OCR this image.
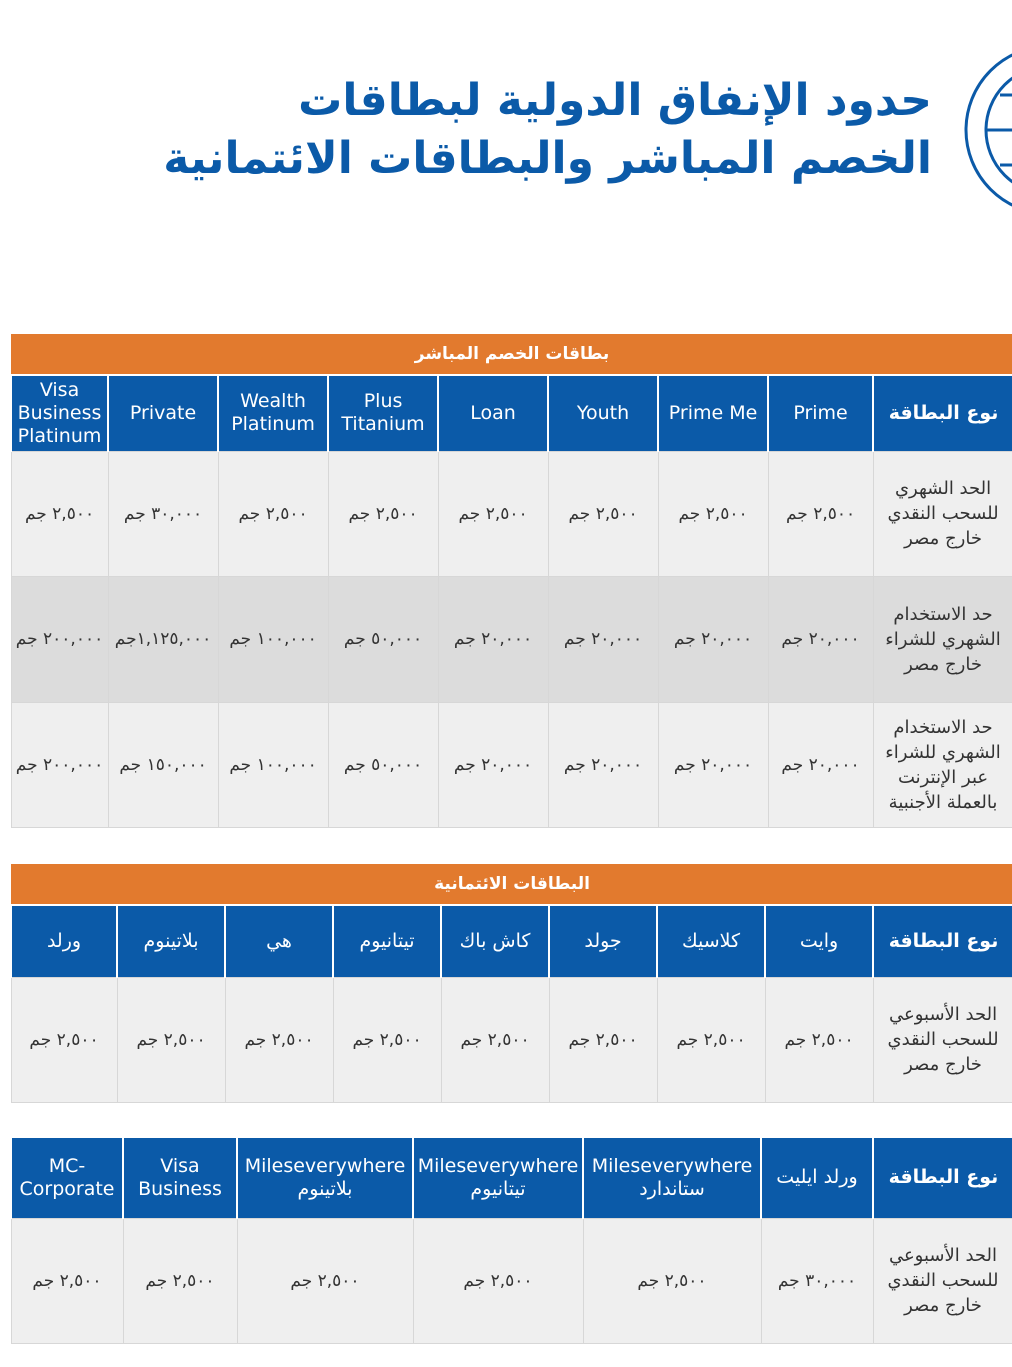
حدود الإنفاق الدولية لبطاقات
الخصم المباشر والبطاقات الائتمانية
بطاقات الخصم المباشر								
نوع البطاقة	Prime	Prime Me	Youth	Loan	Plus Titanium	Wealth Platinum	Private	Visa Business Platinum
الحد الشهري للسحب النقدي خارج مصر	٢,٥٠٠ جم	٢,٥٠٠ جم	٢,٥٠٠ جم	٢,٥٠٠ جم	٢,٥٠٠ جم	٢,٥٠٠ جم	٣٠,٠٠٠ جم	٢,٥٠٠ جم
حد الاستخدام الشهري للشراء خارج مصر	٢٠,٠٠٠ جم	٢٠,٠٠٠ جم	٢٠,٠٠٠ جم	٢٠,٠٠٠ جم	٥٠,٠٠٠ جم	١٠٠,٠٠٠ جم	١,١٢٥,٠٠٠جم	٢٠٠,٠٠٠ جم
حد الاستخدام الشهري للشراء عبر الإنترنت بالعملة الأجنبية	٢٠,٠٠٠ جم	٢٠,٠٠٠ جم	٢٠,٠٠٠ جم	٢٠,٠٠٠ جم	٥٠,٠٠٠ جم	١٠٠,٠٠٠ جم	١٥٠,٠٠٠ جم	٢٠٠,٠٠٠ جم
البطاقات الائتمانية								
نوع البطاقة	وايت	كلاسيك	جولد	كاش باك	تيتانيوم	هي	بلاتينوم	ورلد
الحد الأسبوعي للسحب النقدي خارج مصر	٢,٥٠٠ جم	٢,٥٠٠ جم	٢,٥٠٠ جم	٢,٥٠٠ جم	٢,٥٠٠ جم	٢,٥٠٠ جم	٢,٥٠٠ جم	٢,٥٠٠ جم
نوع البطاقة	ورلد ايليت	Mileseverywhere ستاندارد	Mileseverywhere تيتانيوم	Mileseverywhere بلاتينوم	Visa Business	MC-Corporate
الحد الأسبوعي للسحب النقدي خارج مصر	٣٠,٠٠٠ جم	٢,٥٠٠ جم	٢,٥٠٠ جم	٢,٥٠٠ جم	٢,٥٠٠ جم	٢,٥٠٠ جم
